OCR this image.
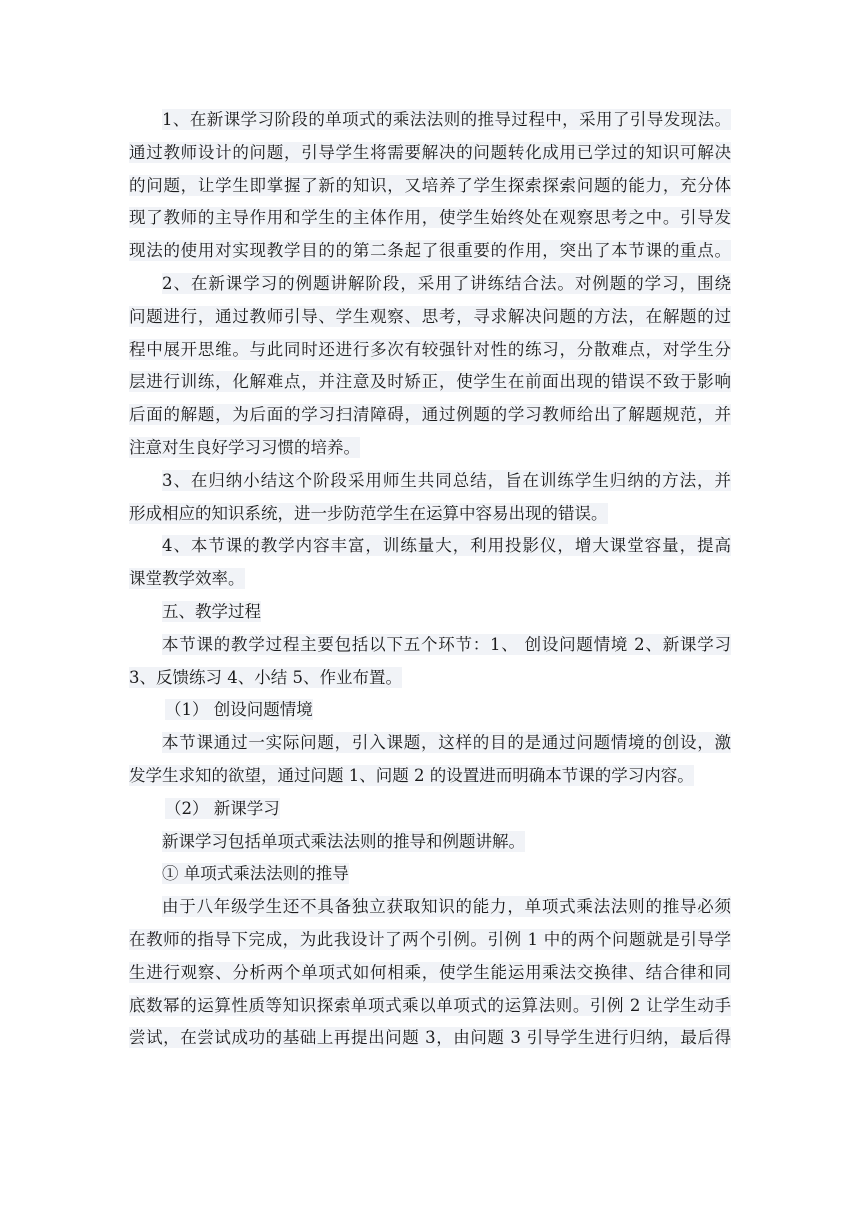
1、在新课学习阶段的单项式的乘法法则的推导过程中，采用了引导发现法。
通过教师设计的问题，引导学生将需要解决的问题转化成用已学过的知识可解决
的问题，让学生即掌握了新的知识，又培养了学生探索探索问题的能力，充分体
现了教师的主导作用和学生的主体作用，使学生始终处在观察思考之中。引导发
现法的使用对实现教学目的的第二条起了很重要的作用，突出了本节课的重点。
2、在新课学习的例题讲解阶段，采用了讲练结合法。对例题的学习，围绕
问题进行，通过教师引导、学生观察、思考，寻求解决问题的方法，在解题的过
程中展开思维。与此同时还进行多次有较强针对性的练习，分散难点，对学生分
层进行训练，化解难点，并注意及时矫正，使学生在前面出现的错误不致于影响
后面的解题，为后面的学习扫清障碍，通过例题的学习教师给出了解题规范，并
注意对生良好学习习惯的培养。
3、在归纳小结这个阶段采用师生共同总结，旨在训练学生归纳的方法，并
形成相应的知识系统，进一步防范学生在运算中容易出现的错误。
4、本节课的教学内容丰富，训练量大，利用投影仪，增大课堂容量，提高
课堂教学效率。
五、教学过程
本节课的教学过程主要包括以下五个环节：1、 创设问题情境 2、新课学习
3、反馈练习 4、小结 5、作业布置。
（1） 创设问题情境
本节课通过一实际问题，引入课题，这样的目的是通过问题情境的创设，激
发学生求知的欲望，通过问题 1、问题 2 的设置进而明确本节课的学习内容。
（2） 新课学习
新课学习包括单项式乘法法则的推导和例题讲解。
① 单项式乘法法则的推导
由于八年级学生还不具备独立获取知识的能力，单项式乘法法则的推导必须
在教师的指导下完成，为此我设计了两个引例。引例 1 中的两个问题就是引导学
生进行观察、分析两个单项式如何相乘，使学生能运用乘法交换律、结合律和同
底数幂的运算性质等知识探索单项式乘以单项式的运算法则。引例 2 让学生动手
尝试，在尝试成功的基础上再提出问题 3，由问题 3 引导学生进行归纳，最后得
